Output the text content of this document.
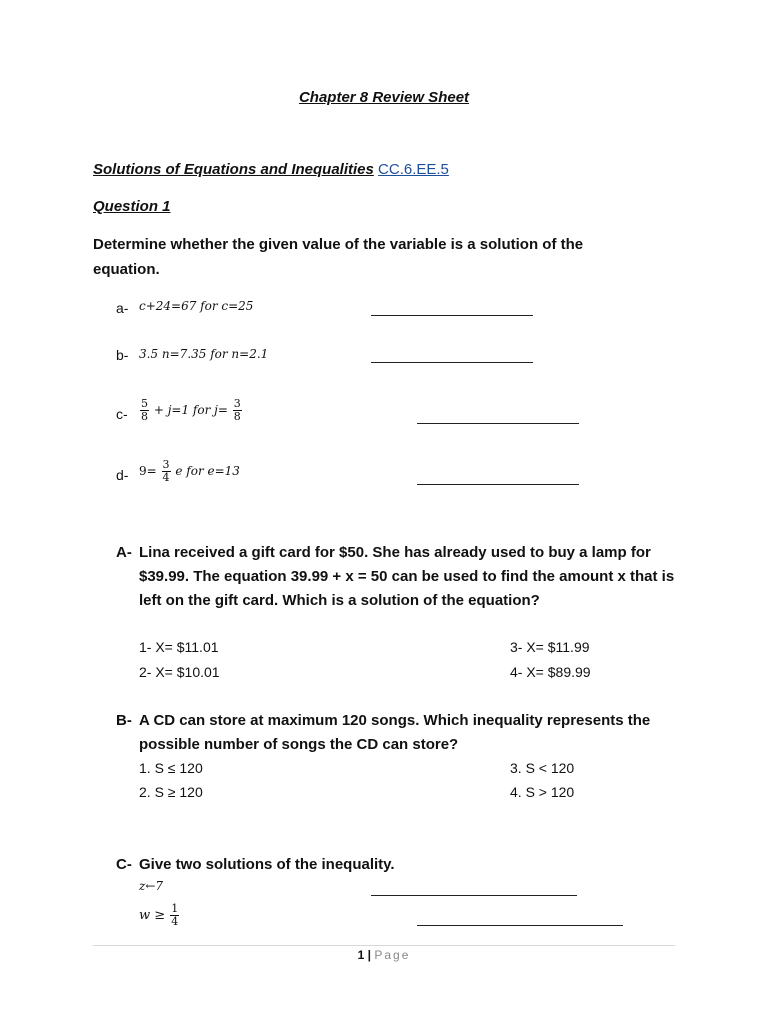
Chapter 8 Review Sheet
Solutions of Equations and Inequalities CC.6.EE.5
Question 1
Determine whether the given value of the variable is a solution of the equation.
a- c+24=67 for c=25
b- 3.5 n=7.35 for n=2.1
$c- \frac{5}{8} + j=1$ for $j= \frac{3}{8}$
d- $9= \frac{3}{4}$ e for e=13
A- Lina received a gift card for $50. She has already used to buy a lamp for $39.99. The equation 39.99 + x = 50 can be used to find the amount x that is left on the gift card. Which is a solution of the equation?
1- X= $11.01
2- X= $10.01
3- X= $11.99
4- X= $89.99
B- A CD can store at maximum 120 songs. Which inequality represents the possible number of songs the CD can store?
1. S ≤ 120
2. S ≥ 120
3. S < 120
4. S > 120
C- Give two solutions of the inequality.
z←7
$w \ge \frac{1}{4}$
1 | Page
